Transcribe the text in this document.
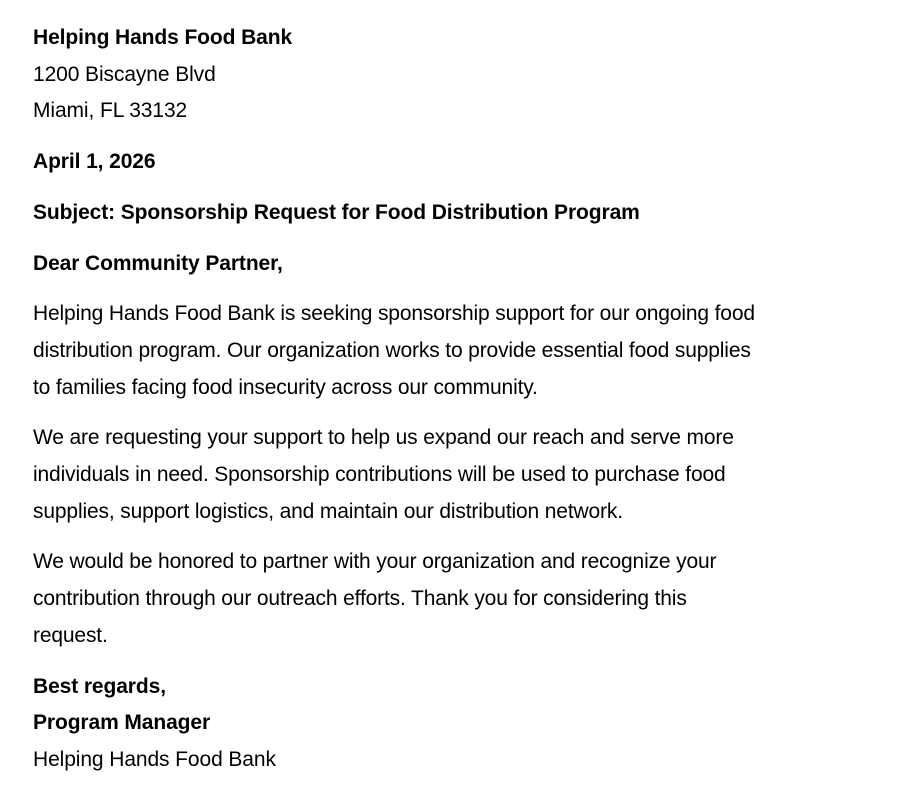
Helping Hands Food Bank
1200 Biscayne Blvd
Miami, FL 33132
April 1, 2026
Subject: Sponsorship Request for Food Distribution Program
Dear Community Partner,
Helping Hands Food Bank is seeking sponsorship support for our ongoing food
distribution program. Our organization works to provide essential food supplies
to families facing food insecurity across our community.
We are requesting your support to help us expand our reach and serve more
individuals in need. Sponsorship contributions will be used to purchase food
supplies, support logistics, and maintain our distribution network.
We would be honored to partner with your organization and recognize your
contribution through our outreach efforts. Thank you for considering this
request.
Best regards,
Program Manager
Helping Hands Food Bank
